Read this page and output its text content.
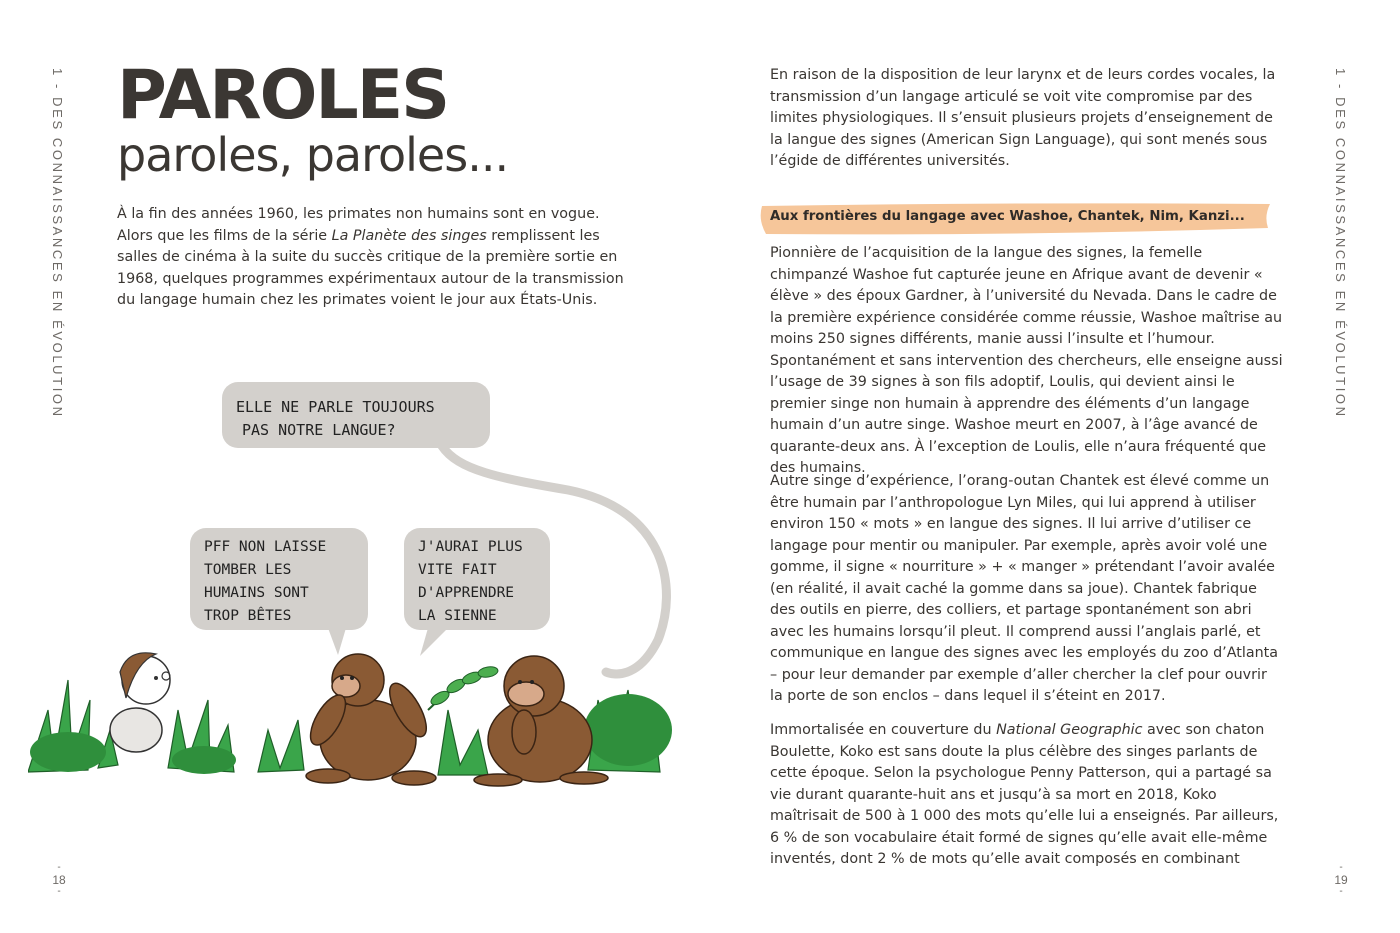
1 - DES CONNAISSANCES EN ÉVOLUTION
-
18
-
PAROLES
paroles, paroles...
À la fin des années 1960, les primates non humains sont en vogue. Alors que les films de la série La Planète des singes remplissent les salles de cinéma à la suite du succès critique de la première sortie en 1968, quelques programmes expérimentaux autour de la transmission du langage humain chez les primates voient le jour aux États-Unis.
ELLE NE PARLE TOUJOURS
PAS NOTRE LANGUE?
PFF NON LAISSE
TOMBER LES
HUMAINS SONT
TROP BÊTES
J'AURAI PLUS
VITE FAIT
D'APPRENDRE
LA SIENNE
1 - DES CONNAISSANCES EN ÉVOLUTION
-
19
-

En raison de la disposition de leur larynx et de leurs cordes vocales, la transmission d’un langage articulé se voit vite compromise par des limites physiologiques. Il s’ensuit plusieurs projets d’enseignement de la langue des signes (American Sign Language), qui sont menés sous l’égide de différentes universités.

Aux frontières du langage avec Washoe, Chantek, Nim, Kanzi...

Pionnière de l’acquisition de la langue des signes, la femelle chimpanzé Washoe fut capturée jeune en Afrique avant de devenir « élève » des époux Gardner, à l’université du Nevada. Dans le cadre de la première expérience considérée comme réussie, Washoe maîtrise au moins 250 signes différents, manie aussi l’insulte et l’humour. Spontanément et sans intervention des chercheurs, elle enseigne aussi l’usage de 39 signes à son fils adoptif, Loulis, qui devient ainsi le premier singe non humain à apprendre des éléments d’un langage humain d’un autre singe. Washoe meurt en 2007, à l’âge avancé de quarante-deux ans. À l’exception de Loulis, elle n’aura fréquenté que des humains.

Autre singe d’expérience, l’orang-outan Chantek est élevé comme un être humain par l’anthropologue Lyn Miles, qui lui apprend à utiliser environ 150 « mots » en langue des signes. Il lui arrive d’utiliser ce langage pour mentir ou manipuler. Par exemple, après avoir volé une gomme, il signe « nourriture » + « manger » prétendant l’avoir avalée (en réalité, il avait caché la gomme dans sa joue). Chantek fabrique des outils en pierre, des colliers, et partage spontanément son abri avec les humains lorsqu’il pleut. Il comprend aussi l’anglais parlé, et communique en langue des signes avec les employés du zoo d’Atlanta – pour leur demander par exemple d’aller chercher la clef pour ouvrir la porte de son enclos – dans lequel il s’éteint en 2017.

Immortalisée en couverture du National Geographic avec son chaton Boulette, Koko est sans doute la plus célèbre des singes parlants de cette époque. Selon la psychologue Penny Patterson, qui a partagé sa vie durant quarante-huit ans et jusqu’à sa mort en 2018, Koko maîtrisait de 500 à 1 000 des mots qu’elle lui a enseignés. Par ailleurs, 6 % de son vocabulaire était formé de signes qu’elle avait elle-même inventés, dont 2 % de mots qu’elle avait composés en combinant
